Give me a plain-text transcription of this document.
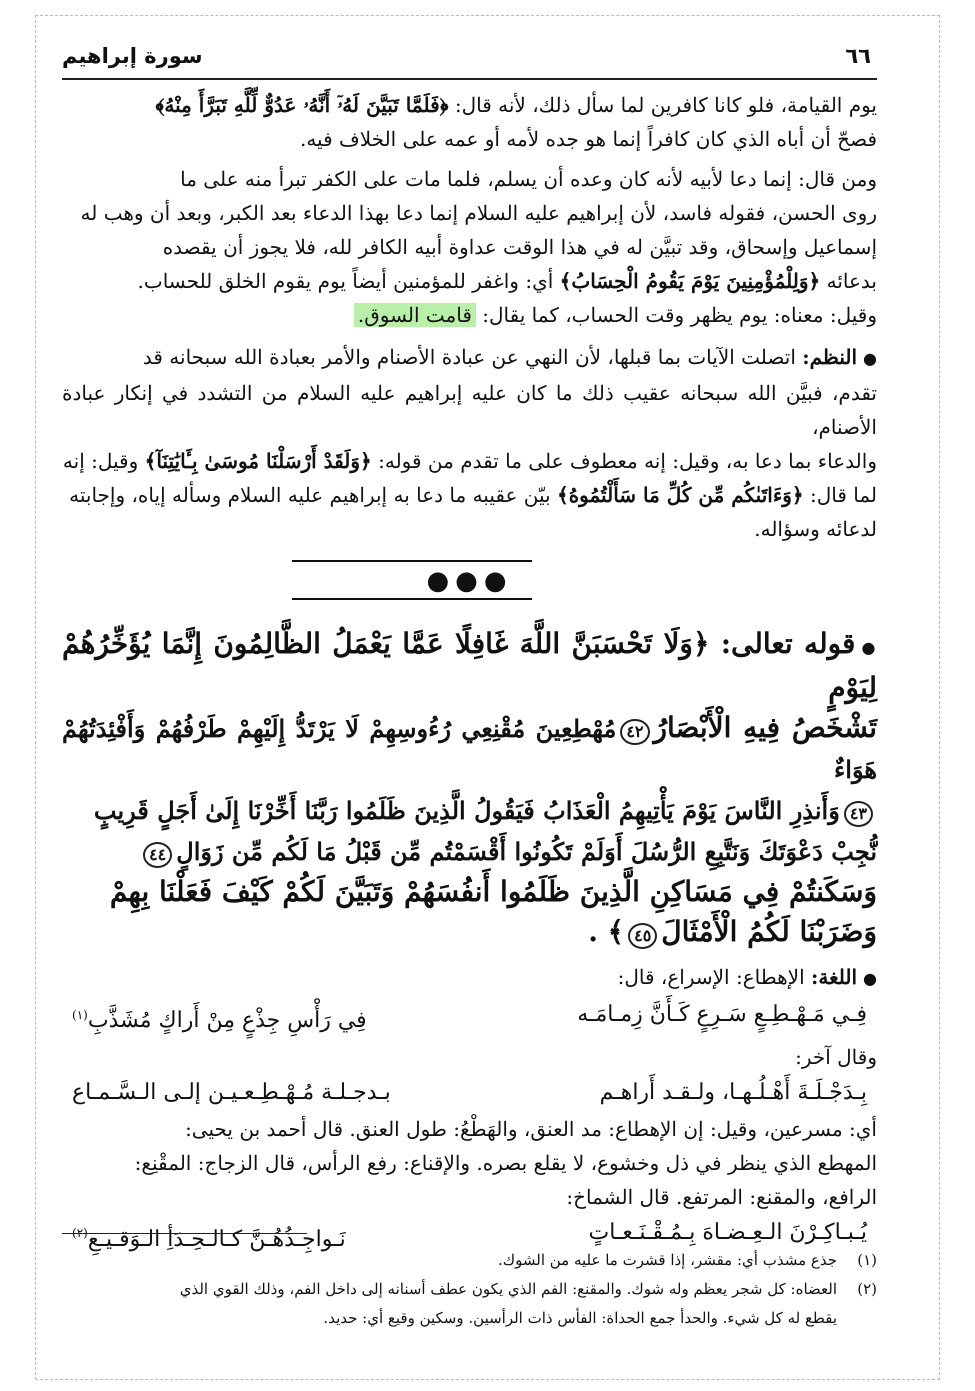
٦٦
سورة إبراهيم

يوم القيامة، فلو كانا كافرين لما سأل ذلك، لأنه قال: ﴿فَلَمَّا تَبَيَّنَ لَهُۥٓ أَنَّهُۥ عَدُوٌّ لِّلَّهِ تَبَرَّأَ مِنْهُ﴾

فصحّ أن أباه الذي كان كافراً إنما هو جده لأمه أو عمه على الخلاف فيه.

ومن قال: إنما دعا لأبيه لأنه كان وعده أن يسلم، فلما مات على الكفر تبرأ منه على ما

روى الحسن، فقوله فاسد، لأن إبراهيم عليه السلام إنما دعا بهذا الدعاء بعد الكبر، وبعد أن وهب له

إسماعيل وإسحاق، وقد تبيَّن له في هذا الوقت عداوة أبيه الكافر لله، فلا يجوز أن يقصده

بدعائه ﴿وَلِلْمُؤْمِنِينَ يَوْمَ يَقُومُ الْحِسَابُ﴾ أي: واغفر للمؤمنين أيضاً يوم يقوم الخلق للحساب.

وقيل: معناه: يوم يظهر وقت الحساب، كما يقال: قامت السوق.

●النظم: اتصلت الآيات بما قبلها، لأن النهي عن عبادة الأصنام والأمر بعبادة الله سبحانه قد

تقدم، فبيَّن الله سبحانه عقيب ذلك ما كان عليه إبراهيم عليه السلام من التشدد في إنكار عبادة الأصنام،

والدعاء بما دعا به، وقيل: إنه معطوف على ما تقدم من قوله: ﴿وَلَقَدْ أَرْسَلْنَا مُوسَىٰ بِـَٔايَٰتِنَآ﴾ وقيل: إنه

لما قال: ﴿وَءَاتَىٰكُم مِّن كُلِّ مَا سَأَلْتُمُوهُ﴾ بيّن عقيبه ما دعا به إبراهيم عليه السلام وسأله إياه، وإجابته

لدعائه وسؤاله.

●●●

●قوله تعالى: ﴿وَلَا تَحْسَبَنَّ اللَّهَ غَافِلًا عَمَّا يَعْمَلُ الظَّالِمُونَ إِنَّمَا يُؤَخِّرُهُمْ لِيَوْمٍ

تَشْخَصُ فِيهِ الْأَبْصَارُ٤٢مُهْطِعِينَ مُقْنِعِي رُءُوسِهِمْ لَا يَرْتَدُّ إِلَيْهِمْ طَرْفُهُمْ وَأَفْئِدَتُهُمْ هَوَاءٌ

٤٣وَأَنذِرِ النَّاسَ يَوْمَ يَأْتِيهِمُ الْعَذَابُ فَيَقُولُ الَّذِينَ ظَلَمُوا رَبَّنَا أَخِّرْنَا إِلَىٰ أَجَلٍ قَرِيبٍ

نُّجِبْ دَعْوَتَكَ وَنَتَّبِعِ الرُّسُلَ أَوَلَمْ تَكُونُوا أَقْسَمْتُم مِّن قَبْلُ مَا لَكُم مِّن زَوَالٍ٤٤

وَسَكَنتُمْ فِي مَسَاكِنِ الَّذِينَ ظَلَمُوا أَنفُسَهُمْ وَتَبَيَّنَ لَكُمْ كَيْفَ فَعَلْنَا بِهِمْ

وَضَرَبْنَا لَكُمُ الْأَمْثَالَ٤٥﴾ .

●اللغة: الإهطاع: الإسراع، قال:

فِـي مَـهْـطِـعٍ سَـرِعٍ كَـأَنَّ زِمـامَـه
فِي رَأْسِ جِذْعٍ مِنْ أَراكٍ مُشَذَّبِ$^{(١)}$

وقال آخر:

بِـدَجْـلَـةَ أَهْـلُـهـا، ولـقـد أَراهـم
بـدجـلـة مُـهْـطِـعـيـن إلـى الـسَّـمـاع

أي: مسرعين، وقيل: إن الإهطاع: مد العنق، والهَطْعُ: طول العنق. قال أحمد بن يحيى:

المهطع الذي ينظر في ذل وخشوع، لا يقلع بصره. والإقناع: رفع الرأس، قال الزجاج: المقْنِع:

الرافع، والمقنع: المرتفع. قال الشماخ:

يُـبـاكِـرْنَ الـعِـضـاهَ بِـمُـقْـنَـعـاتٍ
نَـواجِـذُهُـنَّ كـالـحِـدَأِ الـوَقـيـعِ$^{(٢)}$
(١)
جذع مشذب أي: مقشر، إذا قشرت ما عليه من الشوك.
(٢)
العضاه: كل شجر يعظم وله شوك. والمقنع: الفم الذي يكون عطف أسنانه إلى داخل الفم، وذلك القوي الذي
يقطع له كل شيء. والحدأ جمع الحداة: الفأس ذات الرأسين. وسكين وقيع أي: حديد.
